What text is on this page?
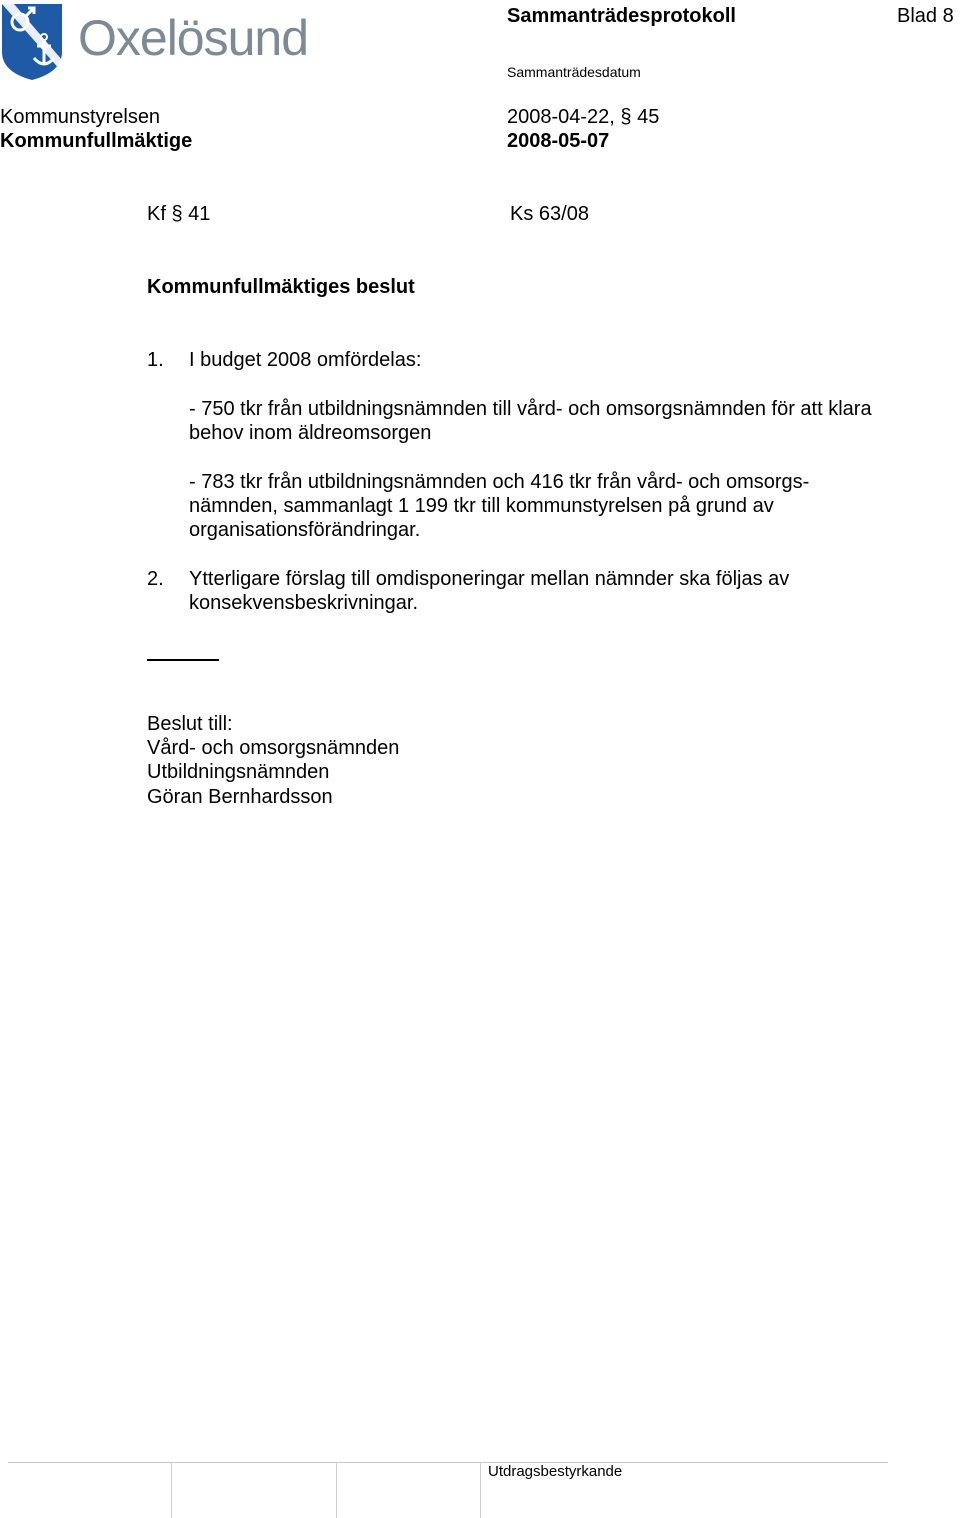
Oxelösund	Sammanträdesprotokoll	Blad 8
Sammanträdesdatum
Kommunstyrelsen	2008-04-22, § 45
Kommunfullmäktige	2008-05-07
Kf § 41	Ks 63/08
Kommunfullmäktiges beslut
1. I budget 2008 omfördelas:
- 750 tkr från utbildningsnämnden till vård- och omsorgsnämnden för att klara
behov inom äldreomsorgen
- 783 tkr från utbildningsnämnden och 416 tkr från vård- och omsorgs-
nämnden, sammanlagt 1 199 tkr till kommunstyrelsen på grund av
organisationsförändringar.
2. Ytterligare förslag till omdisponeringar mellan nämnder ska följas av
konsekvensbeskrivningar.
Beslut till:
Vård- och omsorgsnämnden
Utbildningsnämnden
Göran Bernhardsson
Utdragsbestyrkande
